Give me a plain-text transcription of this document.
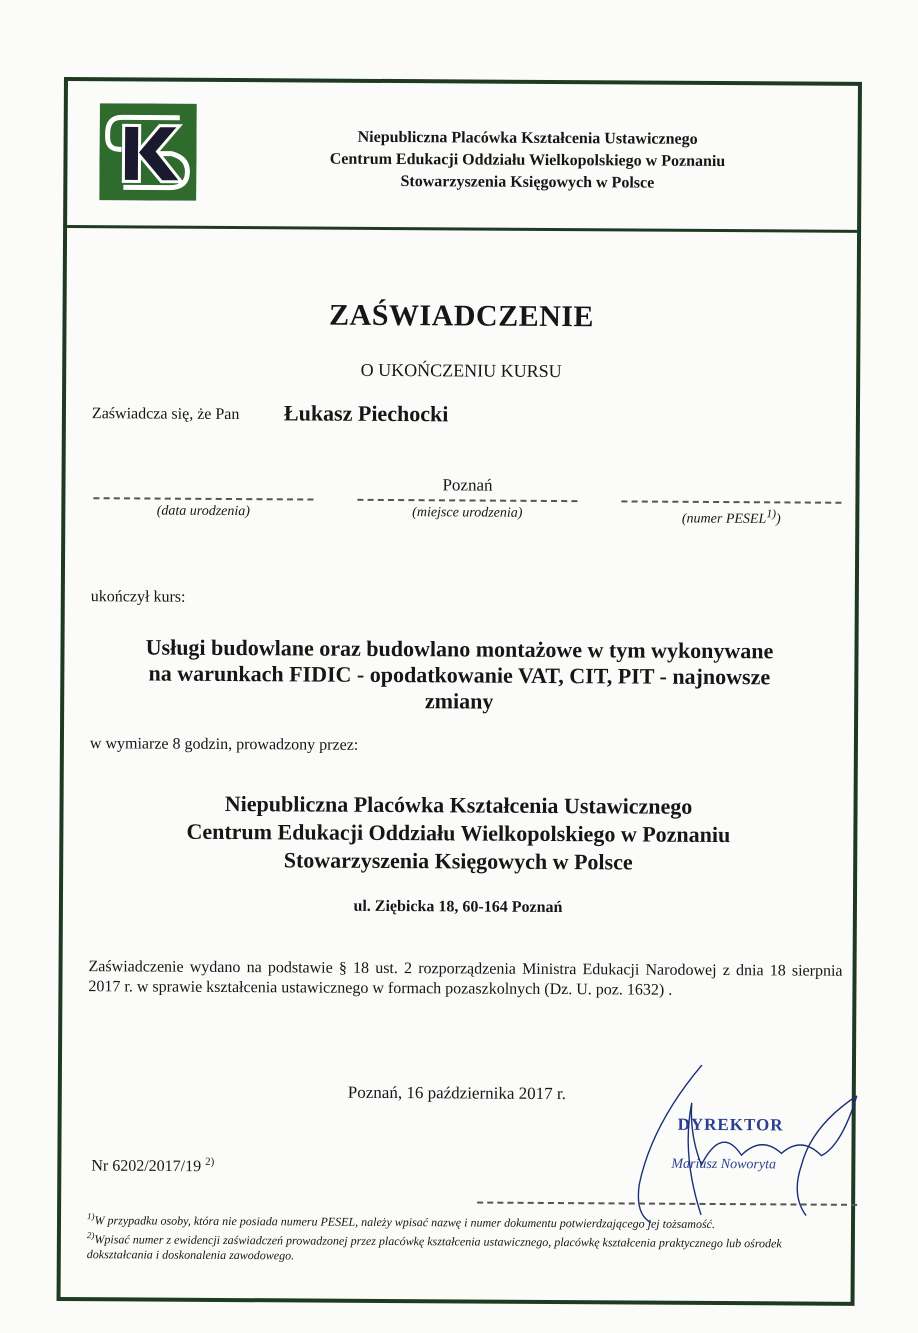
Niepubliczna Placówka Kształcenia Ustawicznego
Centrum Edukacji Oddziału Wielkopolskiego w Poznaniu
Stowarzyszenia Księgowych w Polsce
ZAŚWIADCZENIE
O UKOŃCZENIU KURSU
Zaświadcza się, że Pan Łukasz Piechocki
(data urodzenia)
Poznań
(miejsce urodzenia)	(numer PESEL$^{1)}$)
ukończył kurs:
Usługi budowlane oraz budowlano montażowe w tym wykonywane
na warunkach FIDIC - opodatkowanie VAT, CIT, PIT - najnowsze
zmiany
w wymiarze 8 godzin, prowadzony przez:
Niepubliczna Placówka Kształcenia Ustawicznego
Centrum Edukacji Oddziału Wielkopolskiego w Poznaniu
Stowarzyszenia Księgowych w Polsce
ul. Ziębicka 18, 60-164 Poznań
Zaświadczenie wydano na podstawie § 18 ust. 2 rozporządzenia Ministra Edukacji Narodowej z dnia 18 sierpnia 2017 r. w sprawie kształcenia ustawicznego w formach pozaszkolnych (Dz. U. poz. 1632) .
Poznań, 16 października 2017 r.
Nr 6202/2017/19 $^{2)}$
DYREKTOR
Mariusz Noworyta
$^{1)}$W przypadku osoby, która nie posiada numeru PESEL, należy wpisać nazwę i numer dokumentu potwierdzającego jej tożsamość.
$^{2)}$Wpisać numer z ewidencji zaświadczeń prowadzonej przez placówkę kształcenia ustawicznego, placówkę kształcenia praktycznego lub ośrodek dokształcania i doskonalenia zawodowego.
